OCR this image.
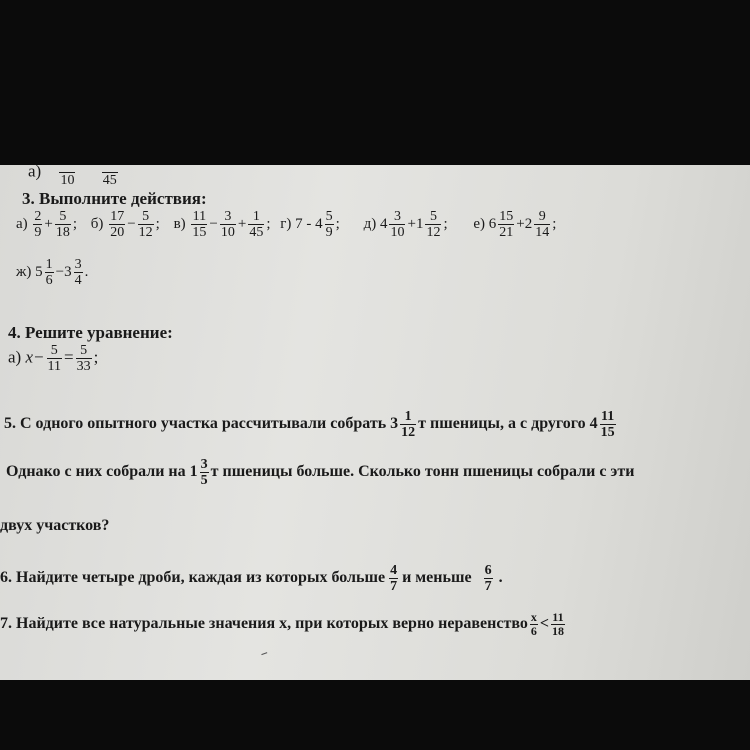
а)

10

45
3. Выполните действия:
$а) \frac{2}{9} + \frac{5}{18}$ ; $б) \frac{17}{20} - \frac{5}{12}$ ; $в) \frac{11}{15} - \frac{3}{10} + \frac{1}{45}$ ; г) $7 - 4 \frac{5}{9}$ ; д) $4 \frac{3}{10} +1 \frac{5}{12}$ ; е) $6 \frac{15}{21} +2 \frac{9}{14}$ ;
ж) $5 \frac{1}{6} -3 \frac{3}{4}$ .
4. Решите уравнение:
а) $x- \frac{5}{11} = \frac{5}{33}$ ;
5. С одного опытного участка рассчитывали собрать $3 \frac{1}{12}$ т пшеницы, а с другого $4 \frac{11}{15}$
Однако с них собрали на $1 \frac{3}{5}$ т пшеницы больше. Сколько тонн пшеницы собрали с эти
двух участков?
6. Найдите четыре дроби, каждая из которых больше $\frac{4}{7}$ и меньше $\frac{6}{7}$ .
7. Найдите все натуральные значения x, при которых верно неравенство $\frac{x}{6} < \frac{11}{18}$
